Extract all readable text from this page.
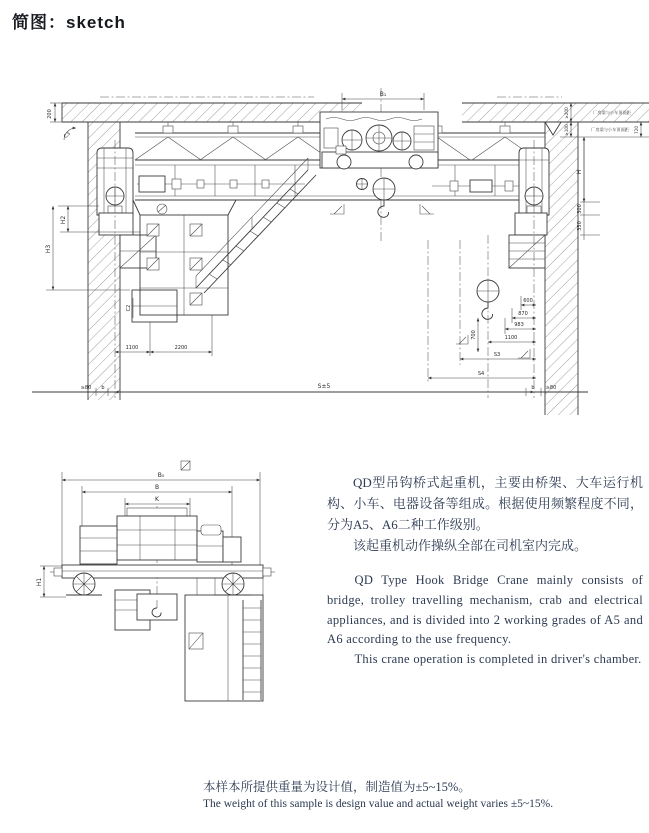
简图：sketch
200
C3
B₁
≥200	厂房梁与小车顶面距
≥100	厂房梁与小车顶面距 720
H
300
350
H2
H3
C2
1100	2200
600
870
983
1100
S3
S4
700
≥80 b	S±5	b ≥80
B₀
B
K
H1

QD型吊钩桥式起重机，主要由桥架、大车运行机构、小车、电器设备等组成。根据使用频繁程度不同，分为A5、A6二种工作级别。

该起重机动作操纵全部在司机室内完成。

QD Type Hook Bridge Crane mainly consists of bridge, trolley travelling mechanism, crab and electrical appliances, and is divided into 2 working grades of A5 and A6 according to the use frequency.

This crane operation is completed in driver's chamber.

本样本所提供重量为设计值，制造值为±5~15%。

The weight of this sample is design value and actual weight varies ±5~15%.
